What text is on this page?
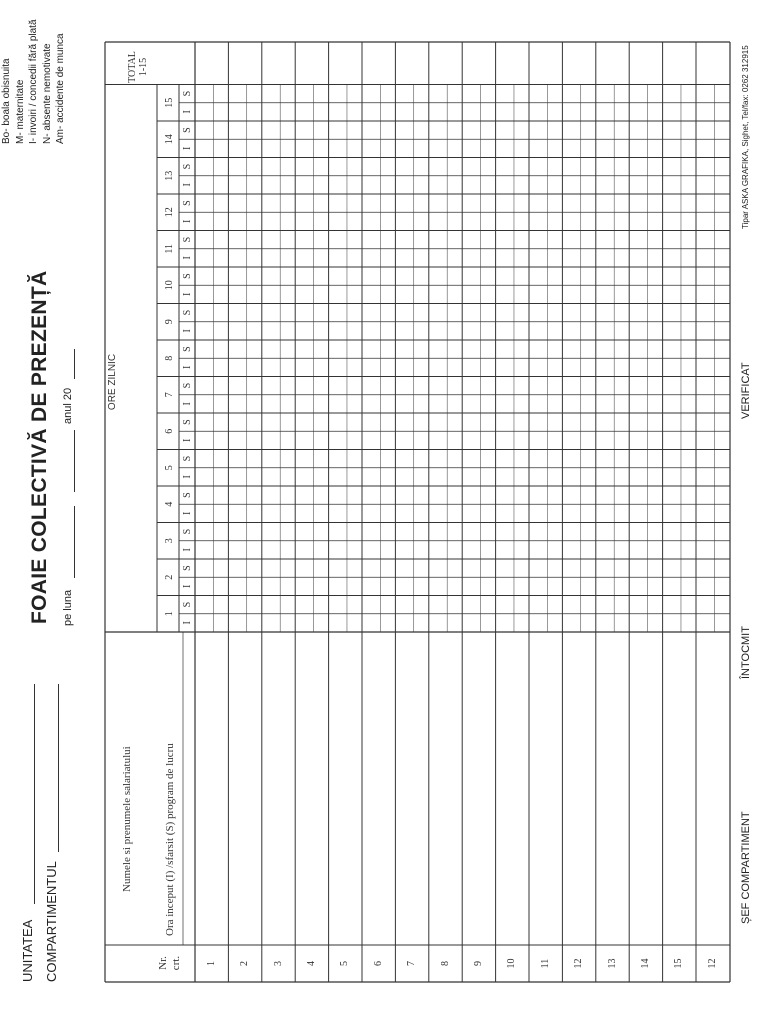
UNITATEA COMPARTIMENTUL
FOAIE COLECTIVĂ DE PREZENȚĂ pe luna
anul 20
Bo- boala obisnuita M- maternitate I- invoiri / concedii fără plată N- absente nemotivate Am- accidente de munca
Nr. crt.
Numele si prenumele salariatului	Ora inceput (I) /sfarsit (S) program de lucru
ORE ZILNIC
TOTAL 1-15
1
2
3
4
5
6
7
8
9
10
11
12
13
14
15
I
S
I
S
I
S
I
S
I
S
I
S
I
S
I
S
I
S
I
S
I
S
I
S
I
S
I
S
I
S
1 2 3 4 5 6 7 8 9 10 11 12 13 14 15 12
ȘEF COMPARTIMENT
ÎNTOCMIT
VERIFICAT
Tipar ASKA GRAFIKA, Sighet, Tel/fax: 0262 312915
